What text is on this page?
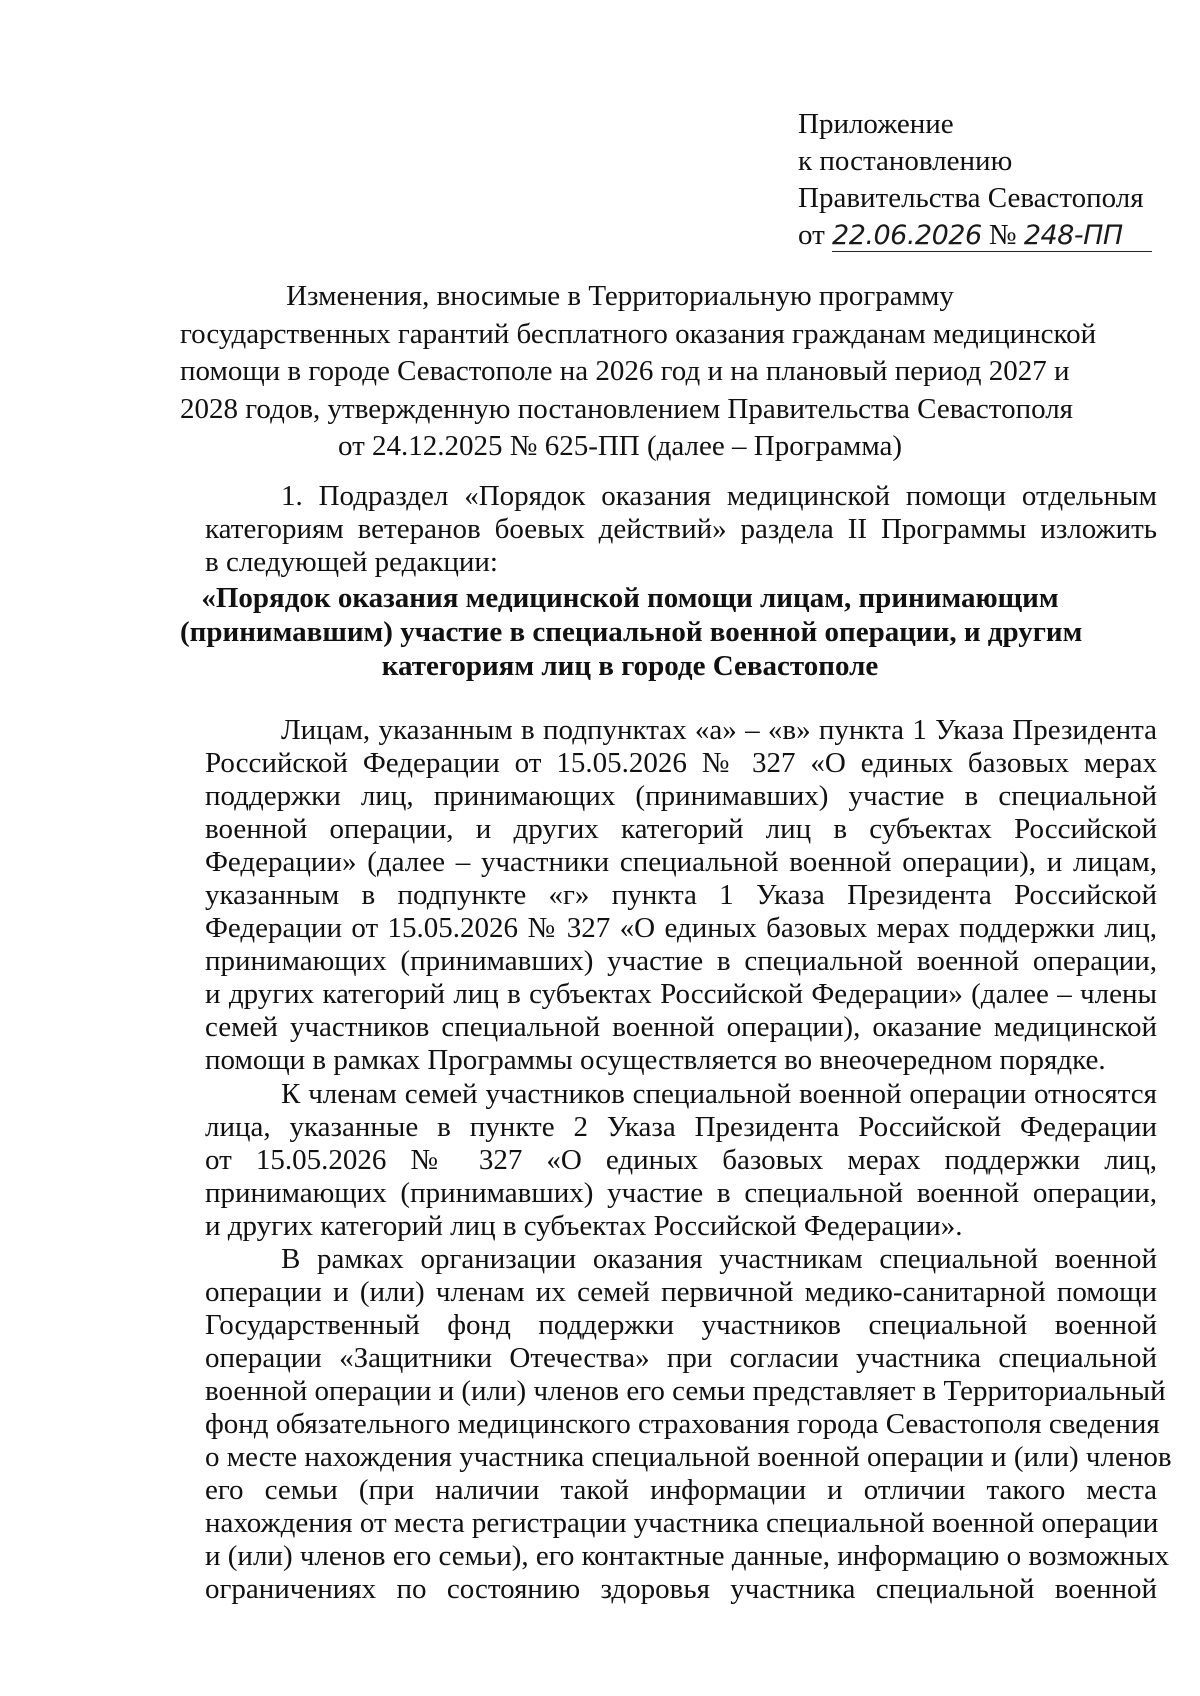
Приложение
к постановлению
Правительства Севастополя
от 22.06.2026 № 248-ПП
Изменения, вносимые в Территориальную программу
государственных гарантий бесплатного оказания гражданам медицинской
помощи в городе Севастополе на 2026 год и на плановый период 2027 и
2028 годов, утвержденную постановлением Правительства Севастополя
от 24.12.2025 № 625-ПП (далее – Программа)
1. Подраздел «Порядок оказания медицинской помощи отдельным
категориям ветеранов боевых действий» раздела II Программы изложить
в следующей редакции:
«Порядок оказания медицинской помощи лицам, принимающим
(принимавшим) участие в специальной военной операции, и другим
категориям лиц в городе Севастополе
Лицам, указанным в подпунктах «а» – «в» пункта 1 Указа Президента
Российской Федерации от 15.05.2026 № 327 «О единых базовых мерах
поддержки лиц, принимающих (принимавших) участие в специальной
военной операции, и других категорий лиц в субъектах Российской
Федерации» (далее – участники специальной военной операции), и лицам,
указанным в подпункте «г» пункта 1 Указа Президента Российской
Федерации от 15.05.2026 № 327 «О единых базовых мерах поддержки лиц,
принимающих (принимавших) участие в специальной военной операции,
и других категорий лиц в субъектах Российской Федерации» (далее – члены
семей участников специальной военной операции), оказание медицинской
помощи в рамках Программы осуществляется во внеочередном порядке.
К членам семей участников специальной военной операции относятся
лица, указанные в пункте 2 Указа Президента Российской Федерации
от 15.05.2026 № 327 «О единых базовых мерах поддержки лиц,
принимающих (принимавших) участие в специальной военной операции,
и других категорий лиц в субъектах Российской Федерации».
В рамках организации оказания участникам специальной военной
операции и (или) членам их семей первичной медико-санитарной помощи
Государственный фонд поддержки участников специальной военной
операции «Защитники Отечества» при согласии участника специальной
военной операции и (или) членов его семьи представляет в Территориальный
фонд обязательного медицинского страхования города Севастополя сведения
о месте нахождения участника специальной военной операции и (или) членов
его семьи (при наличии такой информации и отличии такого места
нахождения от места регистрации участника специальной военной операции
и (или) членов его семьи), его контактные данные, информацию о возможных
ограничениях по состоянию здоровья участника специальной военной
